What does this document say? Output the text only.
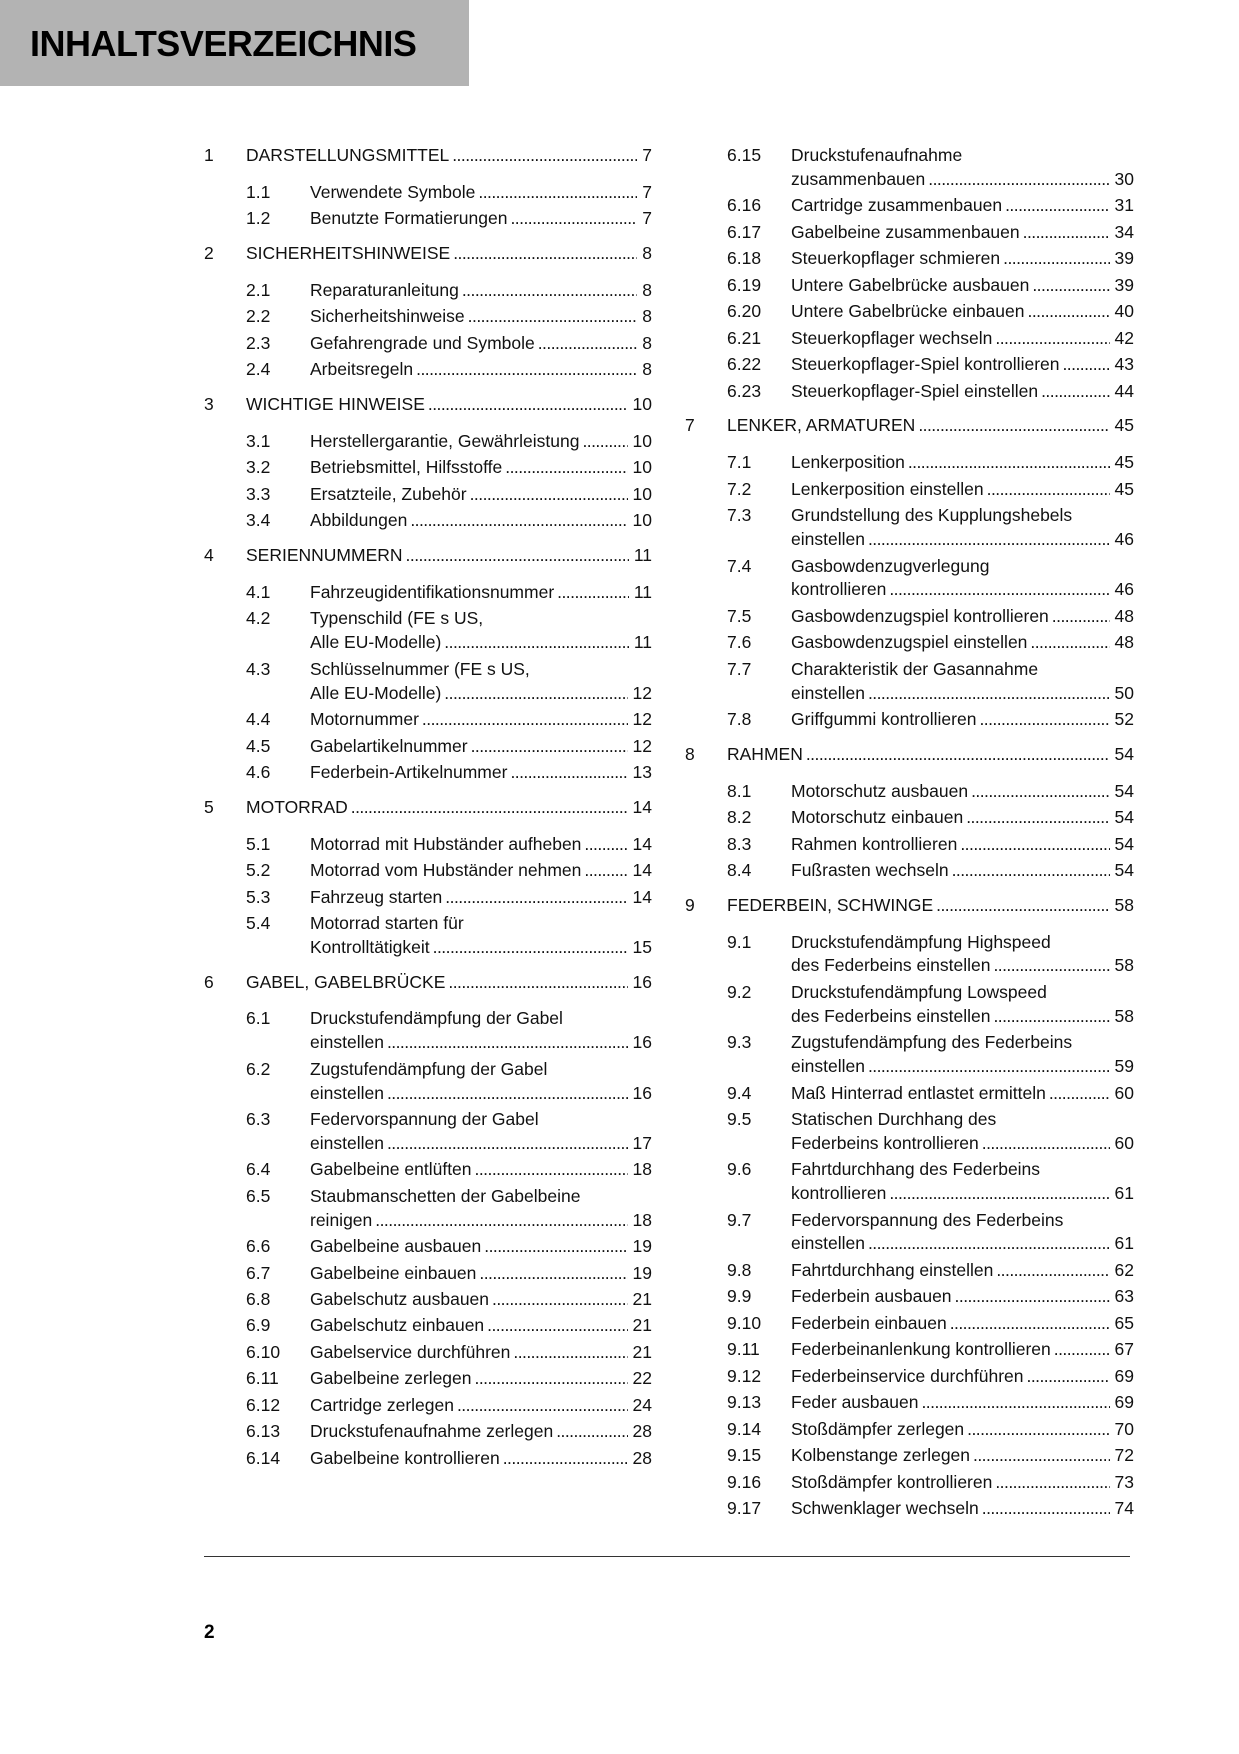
INHALTSVERZEICHNIS
1 DARSTELLUNGSMITTEL . . .	7
1.1 Verwendete Symbole . . .	7
1.2 Benutzte Formatierungen . . .	7
2 SICHERHEITSHINWEISE . . .	8
2.1 Reparaturanleitung . . .	8
2.2 Sicherheitshinweise . . .	8
2.3 Gefahrengrade und Symbole . . .	8
2.4 Arbeitsregeln . . .	8
3 WICHTIGE HINWEISE . . .	10
3.1 Herstellergarantie, Gewährleistung . . .	10
3.2 Betriebsmittel, Hilfsstoffe . . .	10
3.3 Ersatzteile, Zubehör . . .	10
3.4 Abbildungen . . .	10
4 SERIENNUMMERN . . .	11
4.1 Fahrzeugidentifikationsnummer . . .	11
4.2 Typenschild (FE s US,
Alle EU-Modelle) . . .	11
4.3 Schlüsselnummer (FE s US,
Alle EU-Modelle) . . .	12
4.4 Motornummer . . .	12
4.5 Gabelartikelnummer . . .	12
4.6 Federbein-Artikelnummer . . .	13
5 MOTORRAD . . .	14
5.1 Motorrad mit Hubständer aufheben . . .	14
5.2 Motorrad vom Hubständer nehmen . . .	14
5.3 Fahrzeug starten . . .	14
5.4 Motorrad starten für
Kontrolltätigkeit . . .	15
6 GABEL, GABELBRÜCKE . . .	16
6.1 Druckstufendämpfung der Gabel
einstellen . . .	16
6.2 Zugstufendämpfung der Gabel
einstellen . . .	16
6.3 Federvorspannung der Gabel
einstellen . . .	17
6.4 Gabelbeine entlüften . . .	18
6.5 Staubmanschetten der Gabelbeine
reinigen . . .	18
6.6 Gabelbeine ausbauen . . .	19
6.7 Gabelbeine einbauen . . .	19
6.8 Gabelschutz ausbauen . . .	21
6.9 Gabelschutz einbauen . . .	21
6.10 Gabelservice durchführen . . .	21
6.11 Gabelbeine zerlegen . . .	22
6.12 Cartridge zerlegen . . .	24
6.13 Druckstufenaufnahme zerlegen . . .	28
6.14 Gabelbeine kontrollieren . . .	28
6.15 Druckstufenaufnahme
zusammenbauen . . .	30
6.16 Cartridge zusammenbauen . . .	31
6.17 Gabelbeine zusammenbauen . . .	34
6.18 Steuerkopflager schmieren . . .	39
6.19 Untere Gabelbrücke ausbauen . . .	39
6.20 Untere Gabelbrücke einbauen . . .	40
6.21 Steuerkopflager wechseln . . .	42
6.22 Steuerkopflager-Spiel kontrollieren . . .	43
6.23 Steuerkopflager-Spiel einstellen . . .	44
7 LENKER, ARMATUREN . . .	45
7.1 Lenkerposition . . .	45
7.2 Lenkerposition einstellen . . .	45
7.3 Grundstellung des Kupplungshebels
einstellen . . .	46
7.4 Gasbowdenzugverlegung
kontrollieren . . .	46
7.5 Gasbowdenzugspiel kontrollieren . . .	48
7.6 Gasbowdenzugspiel einstellen . . .	48
7.7 Charakteristik der Gasannahme
einstellen . . .	50
7.8 Griffgummi kontrollieren . . .	52
8 RAHMEN . . .	54
8.1 Motorschutz ausbauen . . .	54
8.2 Motorschutz einbauen . . .	54
8.3 Rahmen kontrollieren . . .	54
8.4 Fußrasten wechseln . . .	54
9 FEDERBEIN, SCHWINGE . . .	58
9.1 Druckstufendämpfung Highspeed
des Federbeins einstellen . . .	58
9.2 Druckstufendämpfung Lowspeed
des Federbeins einstellen . . .	58
9.3 Zugstufendämpfung des Federbeins
einstellen . . .	59
9.4 Maß Hinterrad entlastet ermitteln . . .	60
9.5 Statischen Durchhang des
Federbeins kontrollieren . . .	60
9.6 Fahrtdurchhang des Federbeins
kontrollieren . . .	61
9.7 Federvorspannung des Federbeins
einstellen . . .	61
9.8 Fahrtdurchhang einstellen . . .	62
9.9 Federbein ausbauen . . .	63
9.10 Federbein einbauen . . .	65
9.11 Federbeinanlenkung kontrollieren . . .	67
9.12 Federbeinservice durchführen . . .	69
9.13 Feder ausbauen . . .	69
9.14 Stoßdämpfer zerlegen . . .	70
9.15 Kolbenstange zerlegen . . .	72
9.16 Stoßdämpfer kontrollieren . . .	73
9.17 Schwenklager wechseln . . .	74
2
